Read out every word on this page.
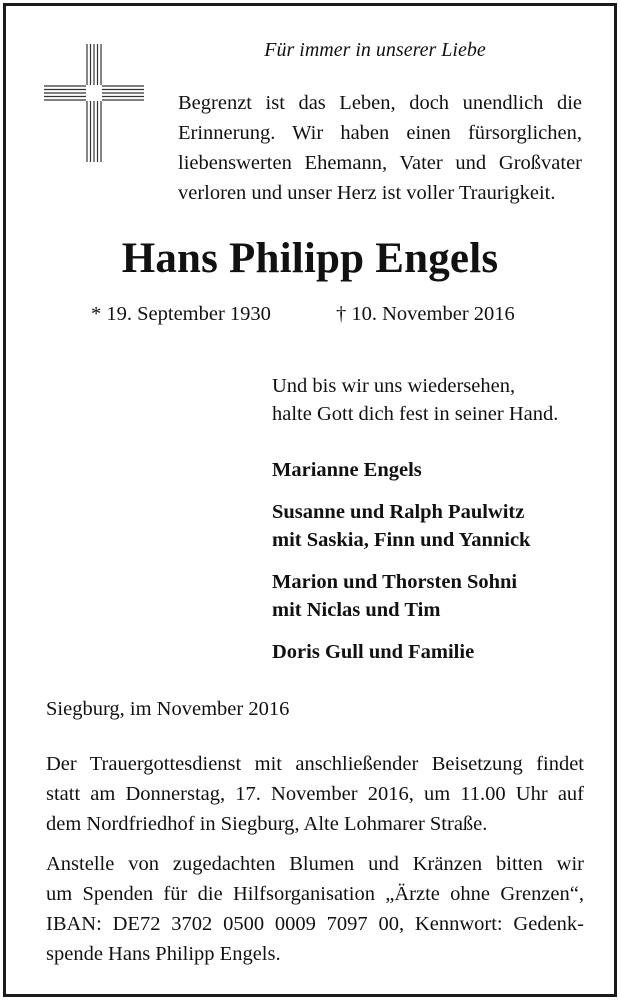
Für immer in unserer Liebe
Begrenzt ist das Leben, doch unendlich die
Erinnerung. Wir haben einen fürsorglichen,
liebenswerten Ehemann, Vater und Großvater
verloren und unser Herz ist voller Traurigkeit.
Hans Philipp Engels
* 19. September 1930	† 10. November 2016
Und bis wir uns wiedersehen,
halte Gott dich fest in seiner Hand.
Marianne Engels
Susanne und Ralph Paulwitz
mit Saskia, Finn und Yannick
Marion und Thorsten Sohni
mit Niclas und Tim
Doris Gull und Familie
Siegburg, im November 2016
Der Trauergottesdienst mit anschließender Beisetzung findet
statt am Donnerstag, 17. November 2016, um 11.00 Uhr auf
dem Nordfriedhof in Siegburg, Alte Lohmarer Straße.
Anstelle von zugedachten Blumen und Kränzen bitten wir
um Spenden für die Hilfsorganisation „Ärzte ohne Grenzen“,
IBAN: DE72 3702 0500 0009 7097 00, Kennwort: Gedenk-
spende Hans Philipp Engels.
